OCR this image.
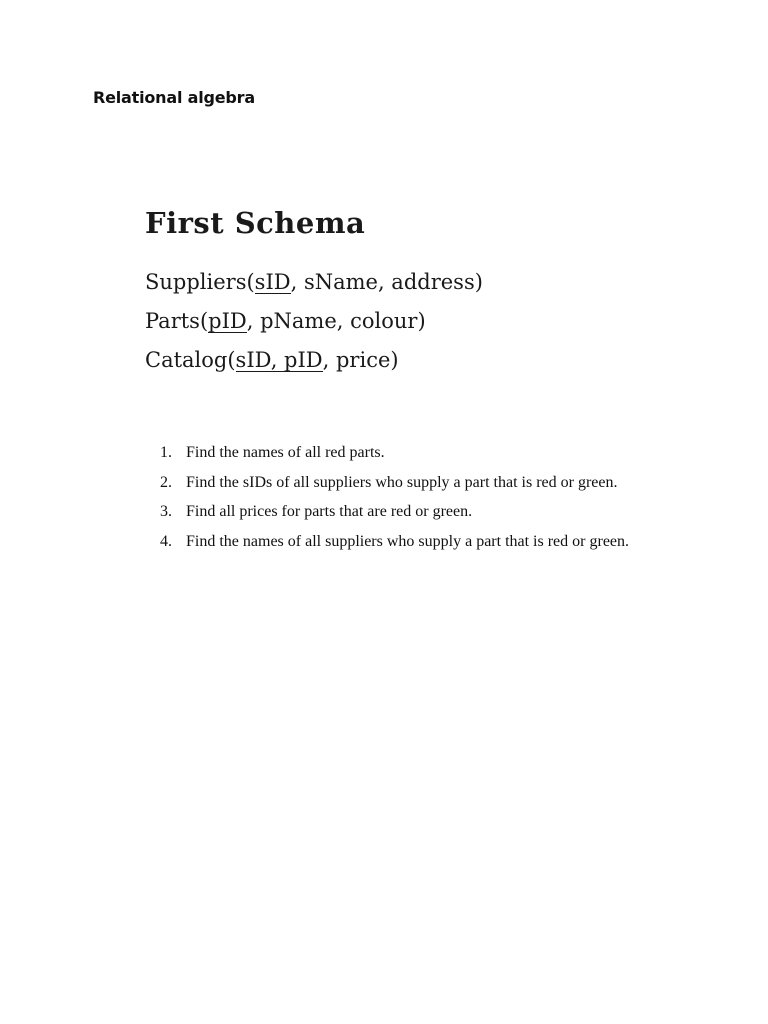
Relational algebra
First Schema
Suppliers(sID, sName, address)
Parts(pID, pName, colour)
Catalog(sID, pID, price)
1. Find the names of all red parts.
2. Find the sIDs of all suppliers who supply a part that is red or green.
3. Find all prices for parts that are red or green.
4. Find the names of all suppliers who supply a part that is red or green.
